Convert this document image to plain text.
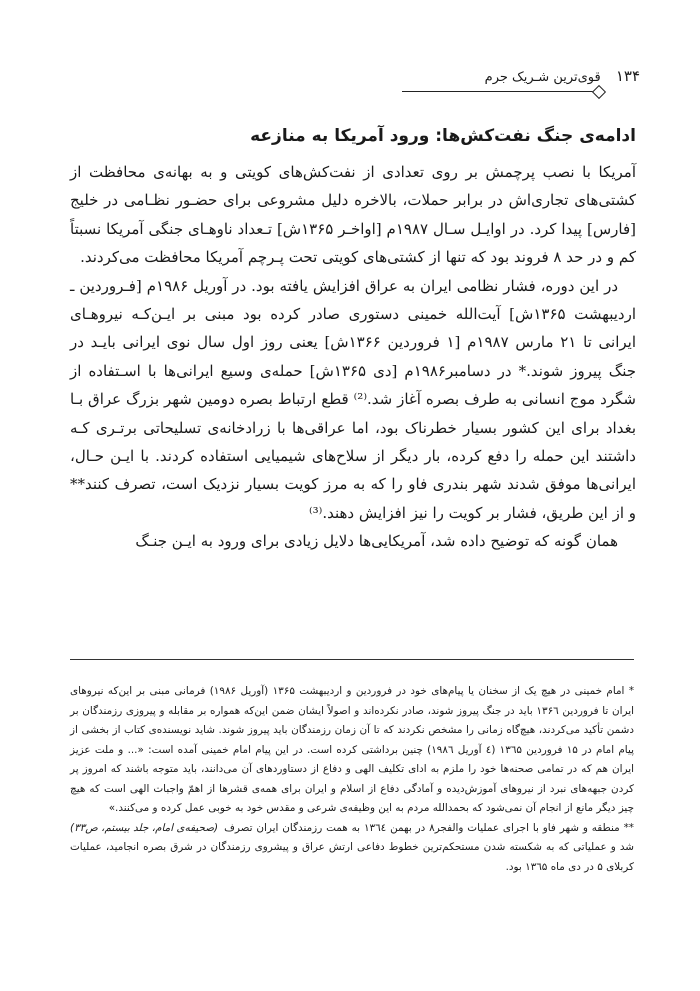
۱۳۴ قوی‌ترین شـریک جرم
ادامه‌ی جنگ نفت‌کش‌ها: ورود آمریکا به منازعه

آمریکا با نصب پرچمش بر روی تعدادی از نفت‌کش‌های کویتی و به بهانه‌ی محافظت از کشتی‌های تجاری‌اش در برابر حملات، بالاخره دلیل مشروعی برای حضـور نظـامی در خلیج [فارس] پیدا کرد. در اوایـل سـال ۱۹۸۷م [اواخـر ۱۳۶۵ش] تـعداد ناوهـای جنگی آمریکا نسبتاً کم و در حد ۸ فروند بود که تنها از کشتی‌های کویتی تحت پـرچم آمریکا محافظت می‌کردند.

در این دوره، فشار نظامی ایران به عراق افزایش یافته بود. در آوریل ۱۹۸۶م [فـروردین ـ اردیبهشت ۱۳۶۵ش] آیت‌الله خمینی دستوری صادر کرده بود مبنی بر ایـن‌کـه نیروهـای ایرانی تا ۲۱ مارس ۱۹۸۷م [۱ فروردین ۱۳۶۶ش] یعنی روز اول سال نوی ایرانی بایـد در جنگ پیروز شوند.* در دسامبر۱۹۸۶م [دی ۱۳۶۵ش] حمله‌ی وسیع ایرانی‌ها با اسـتفاده از شگرد موج انسانی به طرف بصره آغاز شد.⁽²⁾ قطع ارتباط بصره دومین شهر بزرگ عراق بـا بغداد برای این کشور بسیار خطرناک بود، اما عراقی‌ها با زرادخانه‌ی تسلیحاتی برتـری کـه داشتند این حمله را دفع کرده، بار دیگر از سلاح‌های شیمیایی استفاده کردند. با ایـن حـال، ایرانی‌ها موفق شدند شهر بندری فاو را که به مرز کویت بسیار نزدیک است، تصرف کنند** و از این طریق، فشار بر کویت را نیز افزایش دهند.⁽³⁾

همان گونه که توضیح داده شد، آمریکایی‌ها دلایل زیادی برای ورود به ایـن جنـگ

* امام خمینی در هیچ یک از سخنان یا پیام‌های خود در فروردین و اردیبهشت ۱۳۶۵ (آوریل ۱۹۸۶) فرمانی مبنی بر این‌که نیروهای ایران تا فروردین ۱۳۶٦ باید در جنگ پیروز شوند، صادر نکرده‌اند و اصولاً ایشان ضمن این‌که همواره بر مقابله و پیروزی رزمندگان بر دشمن تأکید می‌کردند، هیچ‌گاه زمانی را مشخص نکردند که تا آن زمان رزمندگان باید پیروز شوند. شاید نویسنده‌ی کتاب از بخشی از پیام امام در ۱۵ فروردین ۱۳٦۵ (٤ آوریل ۱۹۸٦) چنین برداشتی کرده است. در این پیام امام خمینی آمده است: «... و ملت عزیز ایران هم که در تمامی صحنه‌ها خود را ملزم به ادای تکلیف الهی و دفاع از دستاوردهای آن می‌دانند، باید متوجه باشند که امروز پر کردن جبهه‌های نبرد از نیروهای آموزش‌دیده و آمادگی دفاع از اسلام و ایران برای همه‌ی قشرها از اهمّ واجبات الهی است که هیچ چیز دیگر مانع از انجام آن نمی‌شود که بحمدالله مردم به این وظیفه‌ی شرعی و مقدس خود به خوبی عمل کرده و می‌کنند.»
(صحیفه‌ی امام، جلد بیستم، ص۳۳) ** منطقه و شهر فاو با اجرای عملیات والفجر۸ در بهمن ۱۳٦٤ به همت رزمندگان ایران تصرف شد و عملیاتی که به شکسته شدن مستحکم‌ترین خطوط دفاعی ارتش عراق و پیشروی رزمندگان در شرق بصره انجامید، عملیات کربلای ۵ در دی ماه ۱۳٦۵ بود.
